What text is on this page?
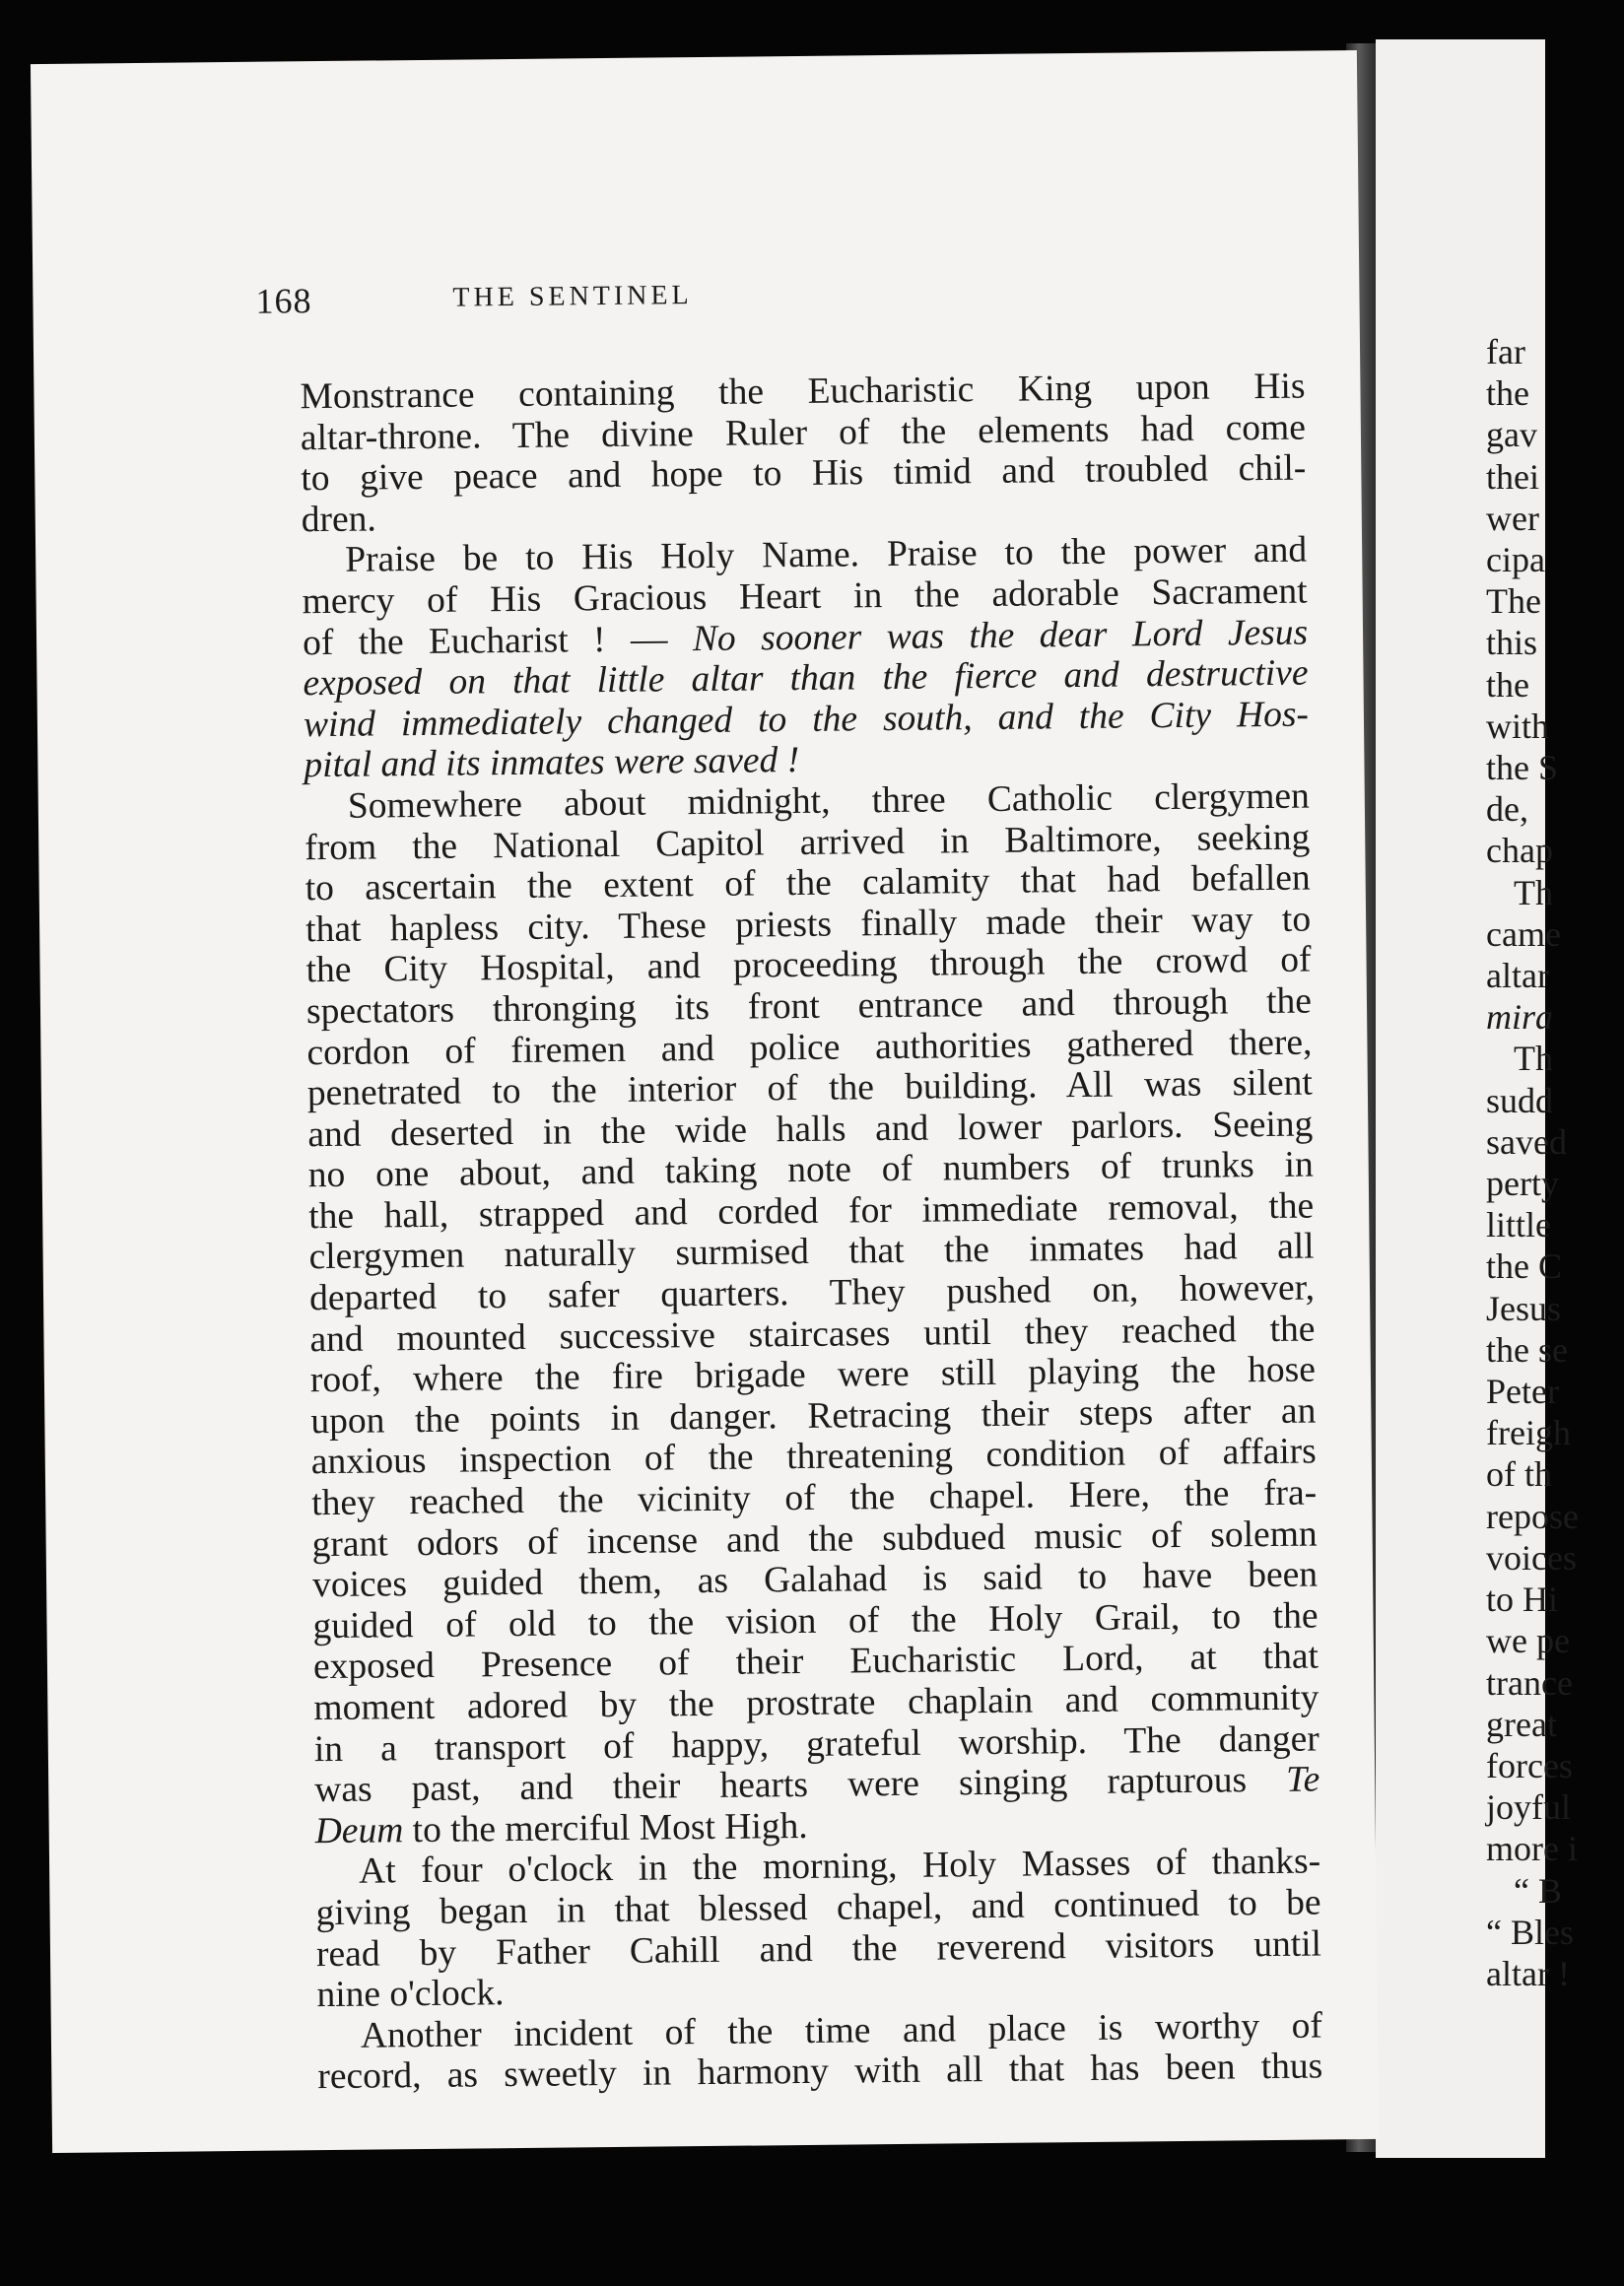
far
the
gav
thei
wer
cipa
The
this
the
with
the S
de,
chap
Th
came
altar
mira
Th
sudd
saved
perty
little
the C
Jesus
the se
Peter
freigh
of th
repose
voices
to Hi
we pe
trance
great
forces
joyful
more i
“ B
“ Bles
altar !
168	THE SENTINEL
Monstrance containing the Eucharistic King upon His
altar-throne. The divine Ruler of the elements had come
to give peace and hope to His timid and troubled chil-
dren.
Praise be to His Holy Name. Praise to the power and
mercy of His Gracious Heart in the adorable Sacrament
of the Eucharist ! — No sooner was the dear Lord Jesus
exposed on that little altar than the fierce and destructive
wind immediately changed to the south, and the City Hos-
pital and its inmates were saved !
Somewhere about midnight, three Catholic clergymen
from the National Capitol arrived in Baltimore, seeking
to ascertain the extent of the calamity that had befallen
that hapless city. These priests finally made their way to
the City Hospital, and proceeding through the crowd of
spectators thronging its front entrance and through the
cordon of firemen and police authorities gathered there,
penetrated to the interior of the building. All was silent
and deserted in the wide halls and lower parlors. Seeing
no one about, and taking note of numbers of trunks in
the hall, strapped and corded for immediate removal, the
clergymen naturally surmised that the inmates had all
departed to safer quarters. They pushed on, however,
and mounted successive staircases until they reached the
roof, where the fire brigade were still playing the hose
upon the points in danger. Retracing their steps after an
anxious inspection of the threatening condition of affairs
they reached the vicinity of the chapel. Here, the fra-
grant odors of incense and the subdued music of solemn
voices guided them, as Galahad is said to have been
guided of old to the vision of the Holy Grail, to the
exposed Presence of their Eucharistic Lord, at that
moment adored by the prostrate chaplain and community
in a transport of happy, grateful worship. The danger
was past, and their hearts were singing rapturous Te
Deum to the merciful Most High.
At four o'clock in the morning, Holy Masses of thanks-
giving began in that blessed chapel, and continued to be
read by Father Cahill and the reverend visitors until
nine o'clock.
Another incident of the time and place is worthy of
record, as sweetly in harmony with all that has been thus
